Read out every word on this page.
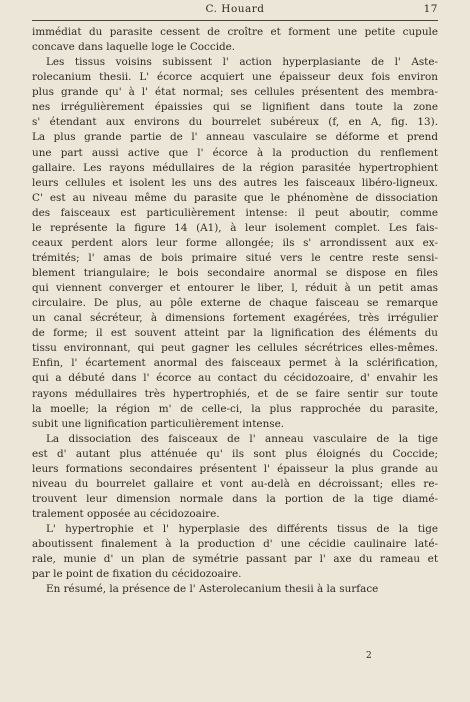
C. Houard	17
immédiat du parasite cessent de croître et forment une petite cupule
concave dans laquelle loge le Coccide.
Les tissus voisins subissent l' action hyperplasiante de l' Aste-
rolecanium thesii. L' écorce acquiert une épaisseur deux fois environ
plus grande qu' à l' état normal; ses cellules présentent des membra-
nes irrégulièrement épaissies qui se lignifient dans toute la zone
s' étendant aux environs du bourrelet subéreux (f, en A, fig. 13).
La plus grande partie de l' anneau vasculaire se déforme et prend
une part aussi active que l' écorce à la production du renflement
gallaire. Les rayons médullaires de la région parasitée hypertrophient
leurs cellules et isolent les uns des autres les faisceaux libéro-ligneux.
C' est au niveau même du parasite que le phénomène de dissociation
des faisceaux est particulièrement intense: il peut aboutir, comme
le représente la figure 14 (A1), à leur isolement complet. Les fais-
ceaux perdent alors leur forme allongée; ils s' arrondissent aux ex-
trémités; l' amas de bois primaire situé vers le centre reste sensi-
blement triangulaire; le bois secondaire anormal se dispose en files
qui viennent converger et entourer le liber, l, réduit à un petit amas
circulaire. De plus, au pôle externe de chaque faisceau se remarque
un canal sécréteur, à dimensions fortement exagérées, très irrégulier
de forme; il est souvent atteint par la lignification des éléments du
tissu environnant, qui peut gagner les cellules sécrétrices elles-mêmes.
Enfin, l' écartement anormal des faisceaux permet à la sclérification,
qui a débuté dans l' écorce au contact du cécidozoaire, d' envahir les
rayons médullaires très hypertrophiés, et de se faire sentir sur toute
la moelle; la région m' de celle-ci, la plus rapprochée du parasite,
subit une lignification particulièrement intense.
La dissociation des faisceaux de l' anneau vasculaire de la tige
est d' autant plus atténuée qu' ils sont plus éloignés du Coccide;
leurs formations secondaires présentent l' épaisseur la plus grande au
niveau du bourrelet gallaire et vont au-delà en décroissant; elles re-
trouvent leur dimension normale dans la portion de la tige diamé-
tralement opposée au cécidozoaire.
L' hypertrophie et l' hyperplasie des différents tissus de la tige
aboutissent finalement à la production d' une cécidie caulinaire laté-
rale, munie d' un plan de symétrie passant par l' axe du rameau et
par le point de fixation du cécidozoaire.
En résumé, la présence de l' Asterolecanium thesii à la surface
2
